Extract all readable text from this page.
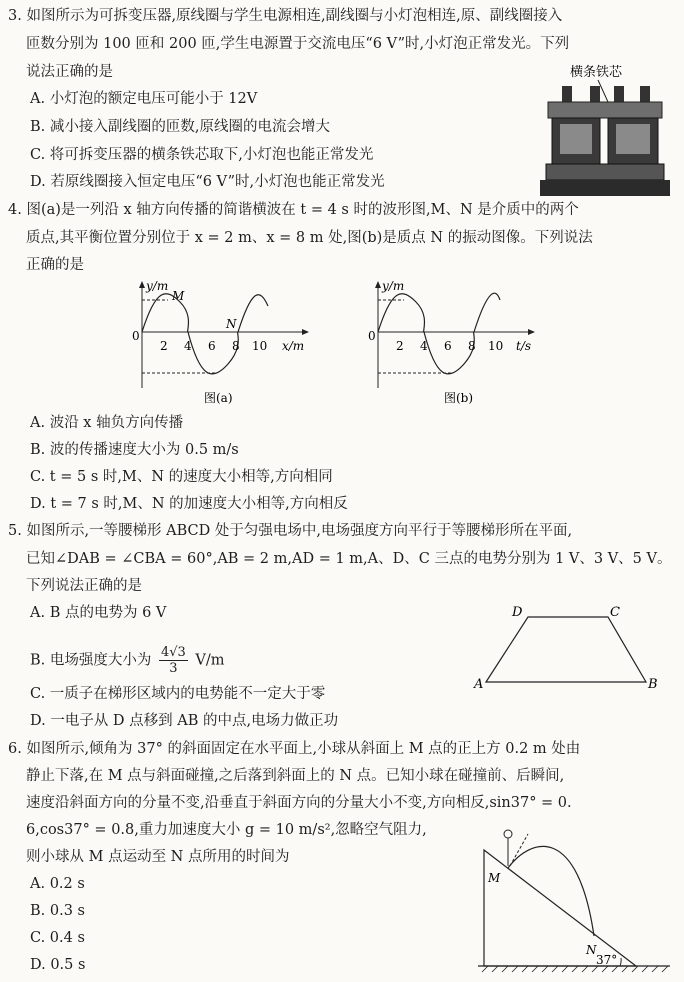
3. 如图所示为可拆变压器,原线圈与学生电源相连,副线圈与小灯泡相连,原、副线圈接入
匝数分别为 100 匝和 200 匝,学生电源置于交流电压“6 V”时,小灯泡正常发光。下列
说法正确的是
A. 小灯泡的额定电压可能小于 12V
B. 减小接入副线圈的匝数,原线圈的电流会增大
C. 将可拆变压器的横条铁芯取下,小灯泡也能正常发光
D. 若原线圈接入恒定电压“6 V”时,小灯泡也能正常发光
横条铁芯
4. 图(a)是一列沿 x 轴方向传播的简谐横波在 t = 4 s 时的波形图,M、N 是介质中的两个
质点,其平衡位置分别位于 x = 2 m、x = 8 m 处,图(b)是质点 N 的振动图像。下列说法
正确的是
y/m
M
N
0
2 4 6 8 10 x/m
图(a)
y/m
0
2 4 6 8 10 t/s
图(b)
A. 波沿 x 轴负方向传播
B. 波的传播速度大小为 0.5 m/s
C. t = 5 s 时,M、N 的速度大小相等,方向相同
D. t = 7 s 时,M、N 的加速度大小相等,方向相反
5. 如图所示,一等腰梯形 ABCD 处于匀强电场中,电场强度方向平行于等腰梯形所在平面,
已知∠DAB = ∠CBA = 60°,AB = 2 m,AD = 1 m,A、D、C 三点的电势分别为 1 V、3 V、5 V。
下列说法正确的是
A. B 点的电势为 6 V
B. 电场强度大小为 $\frac{4√3}{3} V/m$
C. 一质子在梯形区域内的电势能不一定大于零
D. 一电子从 D 点移到 AB 的中点,电场力做正功
A	B
C
D
6. 如图所示,倾角为 37° 的斜面固定在水平面上,小球从斜面上 M 点的正上方 0.2 m 处由
静止下落,在 M 点与斜面碰撞,之后落到斜面上的 N 点。已知小球在碰撞前、后瞬间,
速度沿斜面方向的分量不变,沿垂直于斜面方向的分量大小不变,方向相反,sin37° = 0.
6,cos37° = 0.8,重力加速度大小 g = 10 m/s²,忽略空气阻力,
则小球从 M 点运动至 N 点所用的时间为
A. 0.2 s
B. 0.3 s
C. 0.4 s
D. 0.5 s
M
N
37°
